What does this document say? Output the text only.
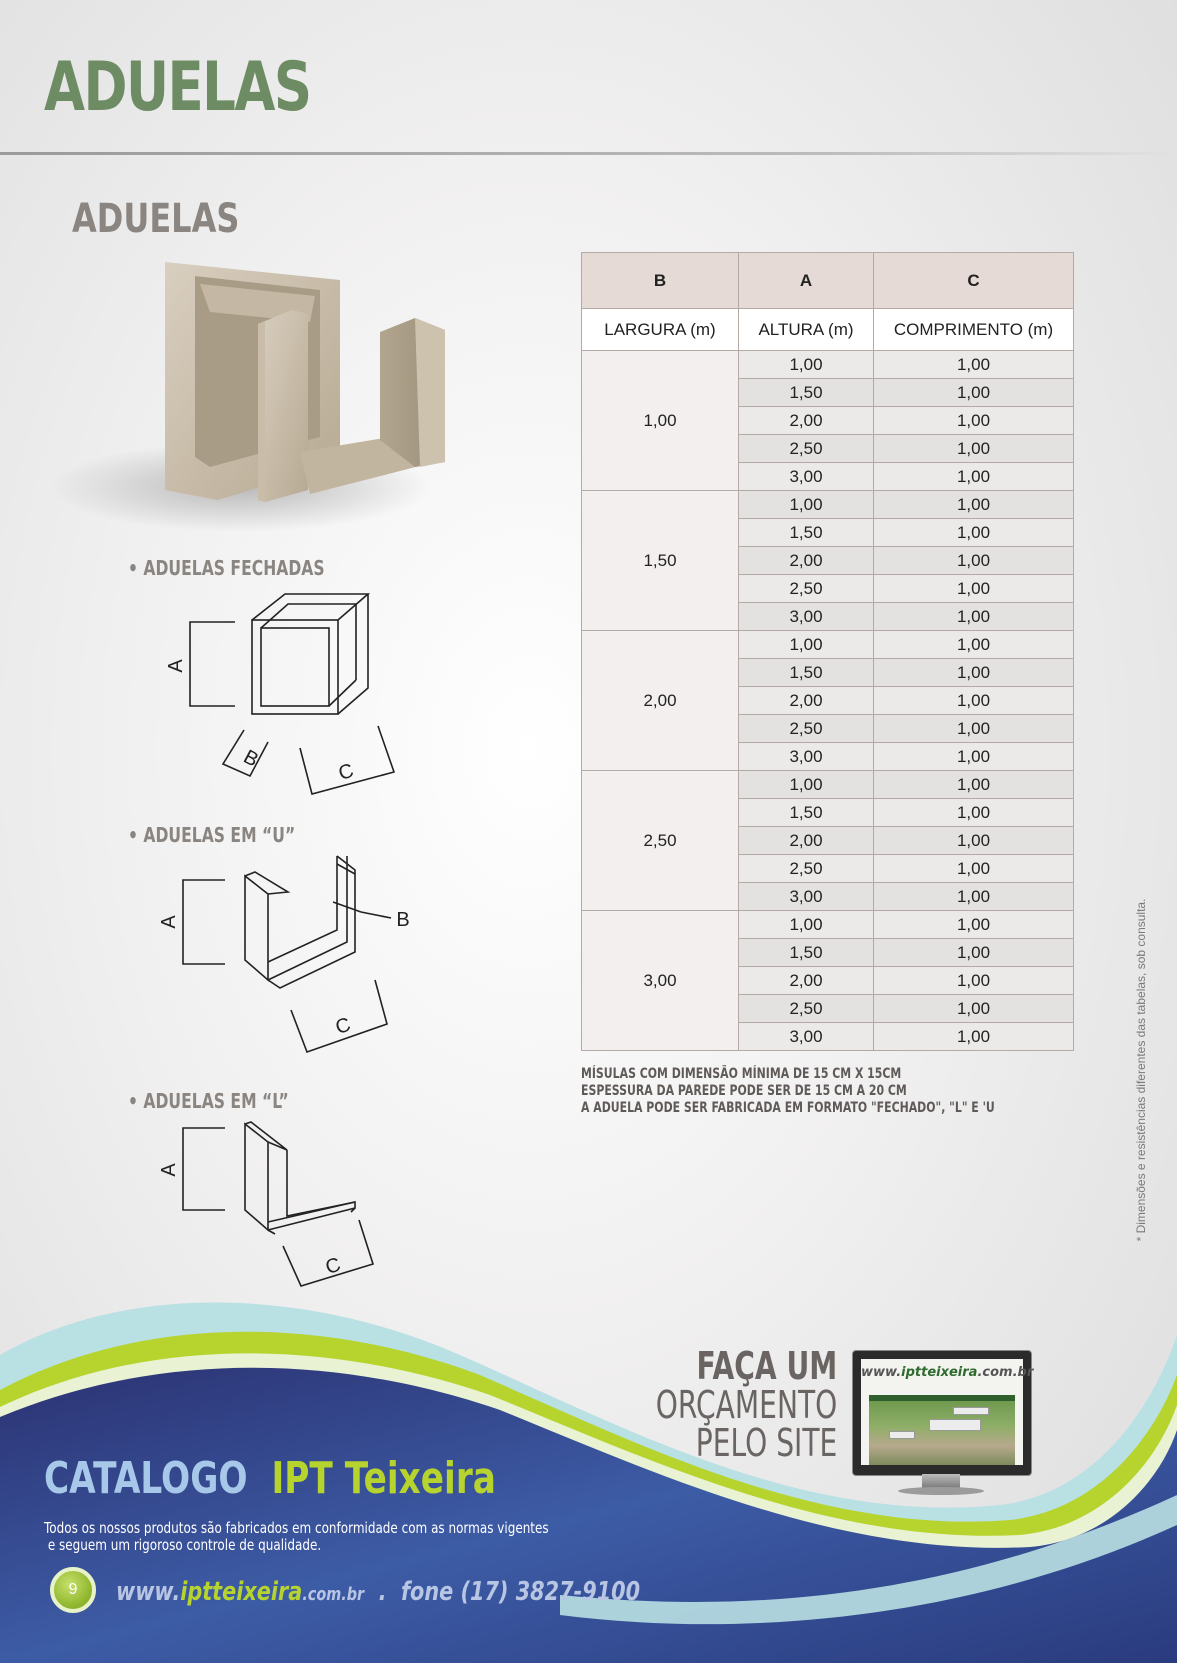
ADUELAS
ADUELAS
• ADUELAS FECHADAS
A
B
C
• ADUELAS EM “U”
A	B
C
• ADUELAS EM “L”
A
C
B	A	C
LARGURA (m)	ALTURA (m)	COMPRIMENTO (m)
1,00	1,00	1,00
	1,50	1,00
	2,00	1,00
	2,50	1,00
	3,00	1,00
1,50	1,00	1,00
	1,50	1,00
	2,00	1,00
	2,50	1,00
	3,00	1,00
2,00	1,00	1,00
	1,50	1,00
	2,00	1,00
	2,50	1,00
	3,00	1,00
2,50	1,00	1,00
	1,50	1,00
	2,00	1,00
	2,50	1,00
	3,00	1,00
3,00	1,00	1,00
	1,50	1,00
	2,00	1,00
	2,50	1,00
	3,00	1,00
MÍSULAS COM DIMENSÃO MÍNIMA DE 15 CM X 15CM
ESPESSURA DA PAREDE PODE SER DE 15 CM A 20 CM
A ADUELA PODE SER FABRICADA EM FORMATO "FECHADO", "L" E 'U	* Dimensões e resistências diferentes das tabelas, sob consulta.
FAÇA UM
ORÇAMENTO
PELO SITE
www.iptteixeira.com.br
CATALOGO IPT Teixeira
Todos os nossos produtos são fabricados em conformidade com as normas vigentes
e seguem um rigoroso controle de qualidade.
9	www.iptteixeira.com.br . fone (17) 3827-9100
